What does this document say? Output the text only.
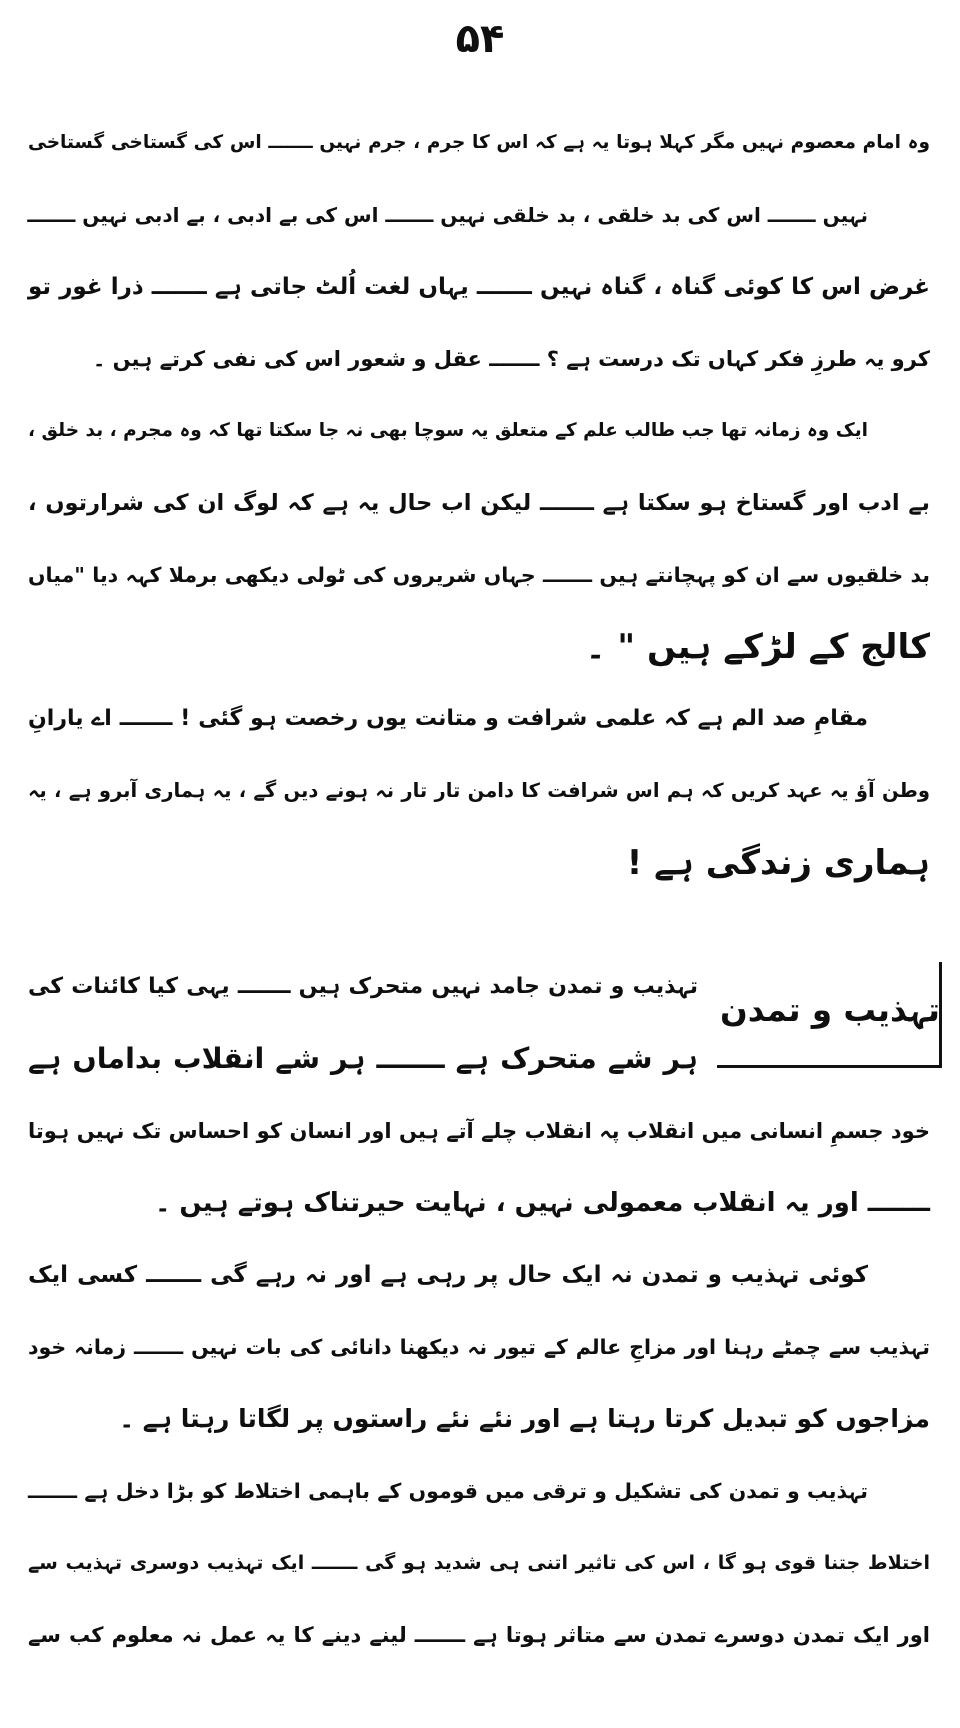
۵۴
وہ امام معصوم نہیں مگر کہلا ہوتا یہ ہے کہ اس کا جرم ، جرم نہیں ـــــــ اس کی گستاخی گستاخی
نہیں ـــــــ اس کی بد خلقی ، بد خلقی نہیں ـــــــ اس کی بے ادبی ، بے ادبی نہیں ـــــــ
غرض اس کا کوئی گناہ ، گناہ نہیں ـــــــ یہاں لغت اُلٹ جاتی ہے ـــــــ ذرا غور تو
کرو یہ طرزِ فکر کہاں تک درست ہے ؟ ـــــــ عقل و شعور اس کی نفی کرتے ہیں ۔
ایک وہ زمانہ تھا جب طالب علم کے متعلق یہ سوچا بھی نہ جا سکتا تھا کہ وہ مجرم ، بد خلق ،
بے ادب اور گستاخ ہو سکتا ہے ـــــــ لیکن اب حال یہ ہے کہ لوگ ان کی شرارتوں ،
بد خلقیوں سے ان کو پہچانتے ہیں ـــــــ جہاں شریروں کی ٹولی دیکھی برملا کہہ دیا "میاں
کالج کے لڑکے ہیں " ۔
مقامِ صد الم ہے کہ علمی شرافت و متانت یوں رخصت ہو گئی ! ـــــــ اے یارانِ
وطن آؤ یہ عہد کریں کہ ہم اس شرافت کا دامن تار تار نہ ہونے دیں گے ، یہ ہماری آبرو ہے ، یہ
ہماری زندگی ہے !
تہذیب و تمدن
تہذیب و تمدن جامد نہیں متحرک ہیں ـــــــ یہی کیا کائنات کی
ہر شے متحرک ہے ـــــــ ہر شے انقلاب بداماں ہے
خود جسمِ انسانی میں انقلاب پہ انقلاب چلے آتے ہیں اور انسان کو احساس تک نہیں ہوتا
ـــــــ اور یہ انقلاب معمولی نہیں ، نہایت حیرتناک ہوتے ہیں ۔
کوئی تہذیب و تمدن نہ ایک حال پر رہی ہے اور نہ رہے گی ـــــــ کسی ایک
تہذیب سے چمٹے رہنا اور مزاجِ عالم کے تیور نہ دیکھنا دانائی کی بات نہیں ـــــــ زمانہ خود
مزاجوں کو تبدیل کرتا رہتا ہے اور نئے نئے راستوں پر لگاتا رہتا ہے ۔
تہذیب و تمدن کی تشکیل و ترقی میں قوموں کے باہمی اختلاط کو بڑا دخل ہے ـــــــ
اختلاط جتنا قوی ہو گا ، اس کی تاثیر اتنی ہی شدید ہو گی ـــــــ ایک تہذیب دوسری تہذیب سے
اور ایک تمدن دوسرے تمدن سے متاثر ہوتا ہے ـــــــ لینے دینے کا یہ عمل نہ معلوم کب سے
